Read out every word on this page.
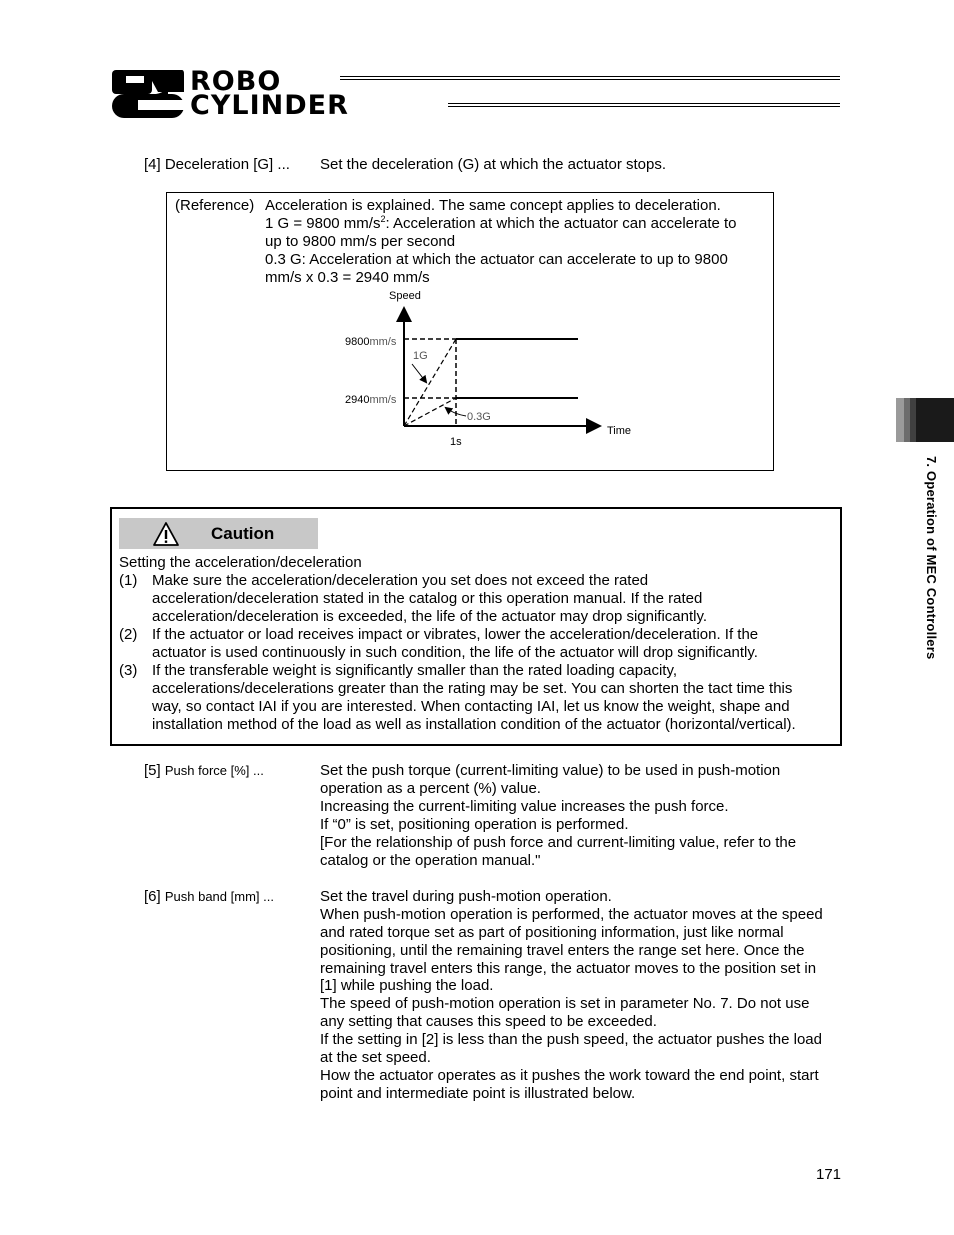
ROBO
CYLINDER
7. Operation of MEC Controllers
[4] Deceleration [G] ... Set the deceleration (G) at which the actuator stops.
(Reference) Acceleration is explained. The same concept applies to deceleration.
1 G = 9800 $mm/s^2$: Acceleration at which the actuator can accelerate to
up to 9800 mm/s per second
0.3 G: Acceleration at which the actuator can accelerate to up to 9800
mm/s x 0.3 = 2940 mm/s
Speed
Time
9800mm/s
2940mm/s
1G
0.3G
1s
Caution
Setting the acceleration/deceleration
(1) Make sure the acceleration/deceleration you set does not exceed the rated
acceleration/deceleration stated in the catalog or this operation manual. If the rated
acceleration/deceleration is exceeded, the life of the actuator may drop significantly.
(2) If the actuator or load receives impact or vibrates, lower the acceleration/deceleration. If the
actuator is used continuously in such condition, the life of the actuator will drop significantly.
(3) If the transferable weight is significantly smaller than the rated loading capacity,
accelerations/decelerations greater than the rating may be set. You can shorten the tact time this
way, so contact IAI if you are interested. When contacting IAI, let us know the weight, shape and
installation method of the load as well as installation condition of the actuator (horizontal/vertical).
[5] Push force [%] ...	Set the push torque (current-limiting value) to be used in push-motion
operation as a percent (%) value.
Increasing the current-limiting value increases the push force.
If “0” is set, positioning operation is performed.
[For the relationship of push force and current-limiting value, refer to the
catalog or the operation manual."
[6] Push band [mm] ...	Set the travel during push-motion operation.
When push-motion operation is performed, the actuator moves at the speed
and rated torque set as part of positioning information, just like normal
positioning, until the remaining travel enters the range set here. Once the
remaining travel enters this range, the actuator moves to the position set in
[1] while pushing the load.
The speed of push-motion operation is set in parameter No. 7. Do not use
any setting that causes this speed to be exceeded.
If the setting in [2] is less than the push speed, the actuator pushes the load
at the set speed.
How the actuator operates as it pushes the work toward the end point, start
point and intermediate point is illustrated below.
171
